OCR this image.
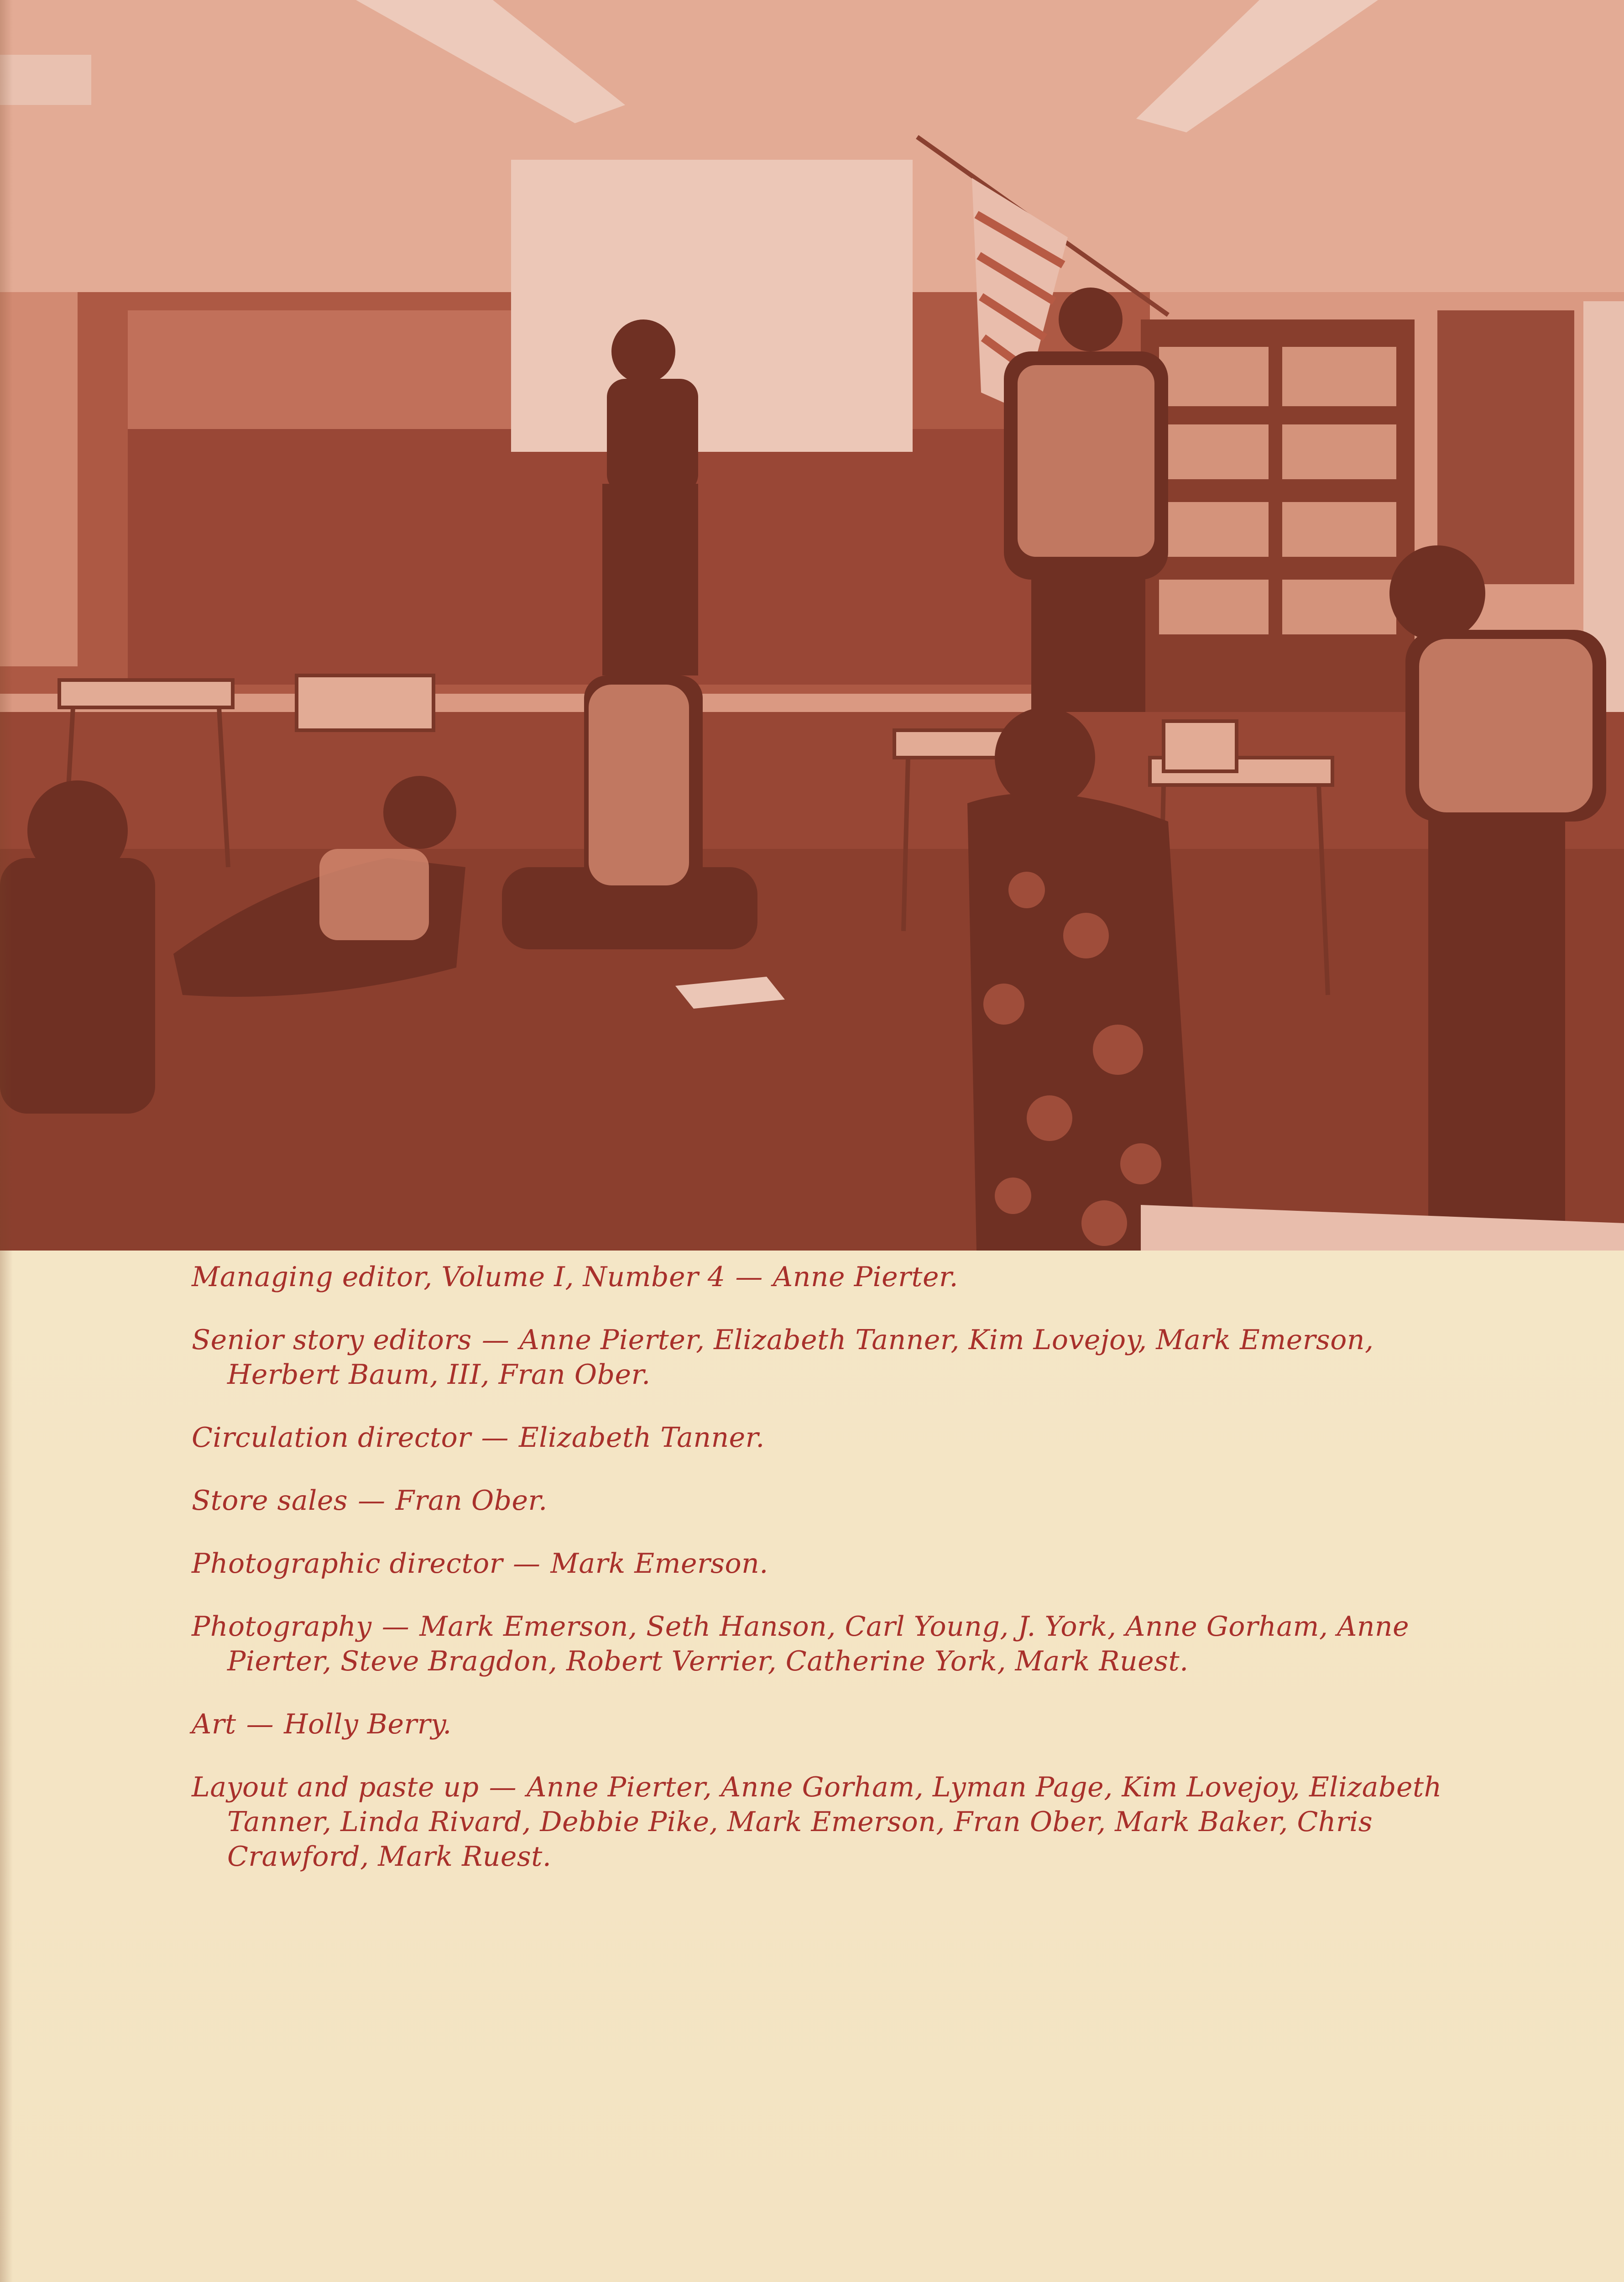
Managing editor, Volume I, Number 4 — Anne Pierter.

Senior story editors — Anne Pierter, Elizabeth Tanner, Kim Lovejoy, Mark Emerson, Herbert Baum, III, Fran Ober.

Circulation director — Elizabeth Tanner.

Store sales — Fran Ober.

Photographic director — Mark Emerson.

Photography — Mark Emerson, Seth Hanson, Carl Young, J. York, Anne Gorham, Anne Pierter, Steve Bragdon, Robert Verrier, Catherine York, Mark Ruest.

Art — Holly Berry.

Layout and paste up — Anne Pierter, Anne Gorham, Lyman Page, Kim Lovejoy, Elizabeth Tanner, Linda Rivard, Debbie Pike, Mark Emerson, Fran Ober, Mark Baker, Chris Crawford, Mark Ruest.
